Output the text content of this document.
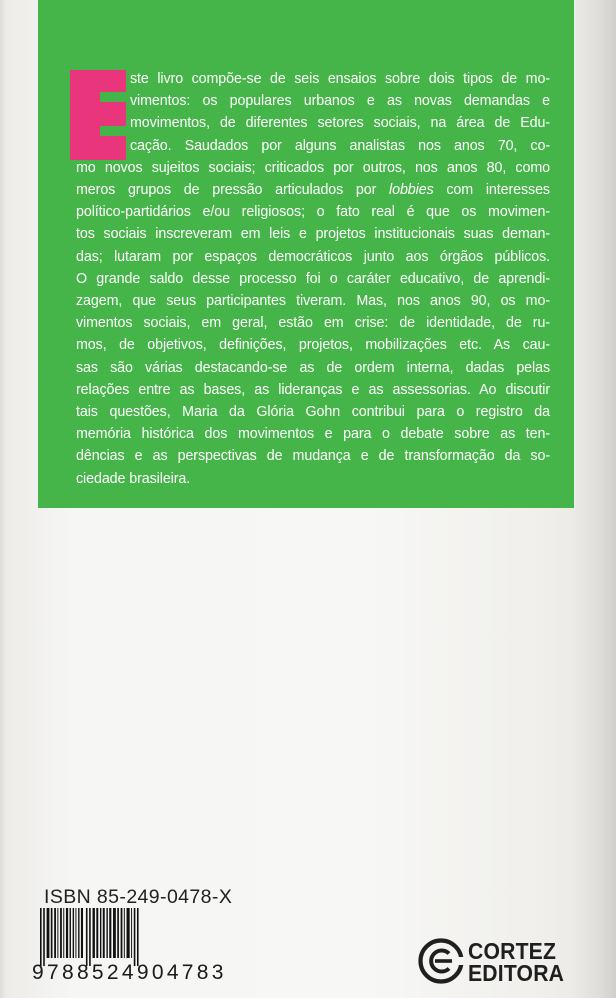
E

ste livro compõe-se de seis ensaios sobre dois tipos de mo-
vimentos: os populares urbanos e as novas demandas e
movimentos, de diferentes setores sociais, na área de Edu-
cação. Saudados por alguns analistas nos anos 70, co-
mo novos sujeitos sociais; criticados por outros, nos anos 80, como
meros grupos de pressão articulados por lobbies com interesses
político-partidários e/ou religiosos; o fato real é que os movimen-
tos sociais inscreveram em leis e projetos institucionais suas deman-
das; lutaram por espaços democráticos junto aos órgãos públicos.
O grande saldo desse processo foi o caráter educativo, de aprendi-
zagem, que seus participantes tiveram. Mas, nos anos 90, os mo-
vimentos sociais, em geral, estão em crise: de identidade, de ru-
mos, de objetivos, definições, projetos, mobilizações etc. As cau-
sas são várias destacando-se as de ordem interna, dadas pelas
relações entre as bases, as lideranças e as assessorias. Ao discutir
tais questões, Maria da Glória Gohn contribui para o registro da
memória histórica dos movimentos e para o debate sobre as ten-
dências e as perspectivas de mudança e de transformação da so-
ciedade brasileira.

ISBN 85-249-0478-X
9788524904783
CORTEZ
EDITORA
